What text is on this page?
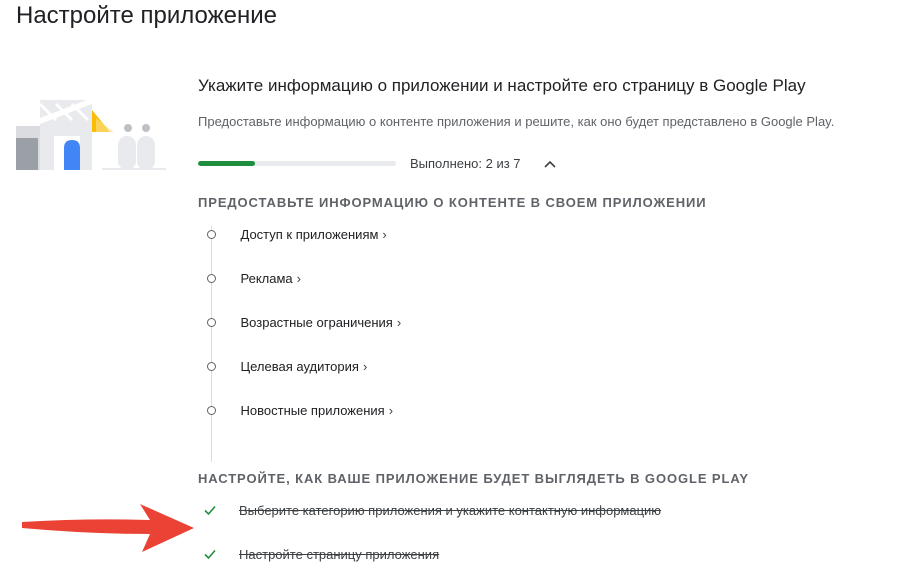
Настройте приложение
Укажите информацию о приложении и настройте его страницу в Google Play
Предоставьте информацию о контенте приложения и решите, как оно будет представлено в Google Play.
Выполнено: 2 из 7
ПРЕДОСТАВЬТЕ ИНФОРМАЦИЮ О КОНТЕНТЕ В СВОЕМ ПРИЛОЖЕНИИ
Доступ к приложениям ›
Реклама ›
Возрастные ограничения ›
Целевая аудитория ›
Новостные приложения ›
НАСТРОЙТЕ, КАК ВАШЕ ПРИЛОЖЕНИЕ БУДЕТ ВЫГЛЯДЕТЬ В GOOGLE PLAY
Выберите категорию приложения и укажите контактную информацию
Настройте страницу приложения
